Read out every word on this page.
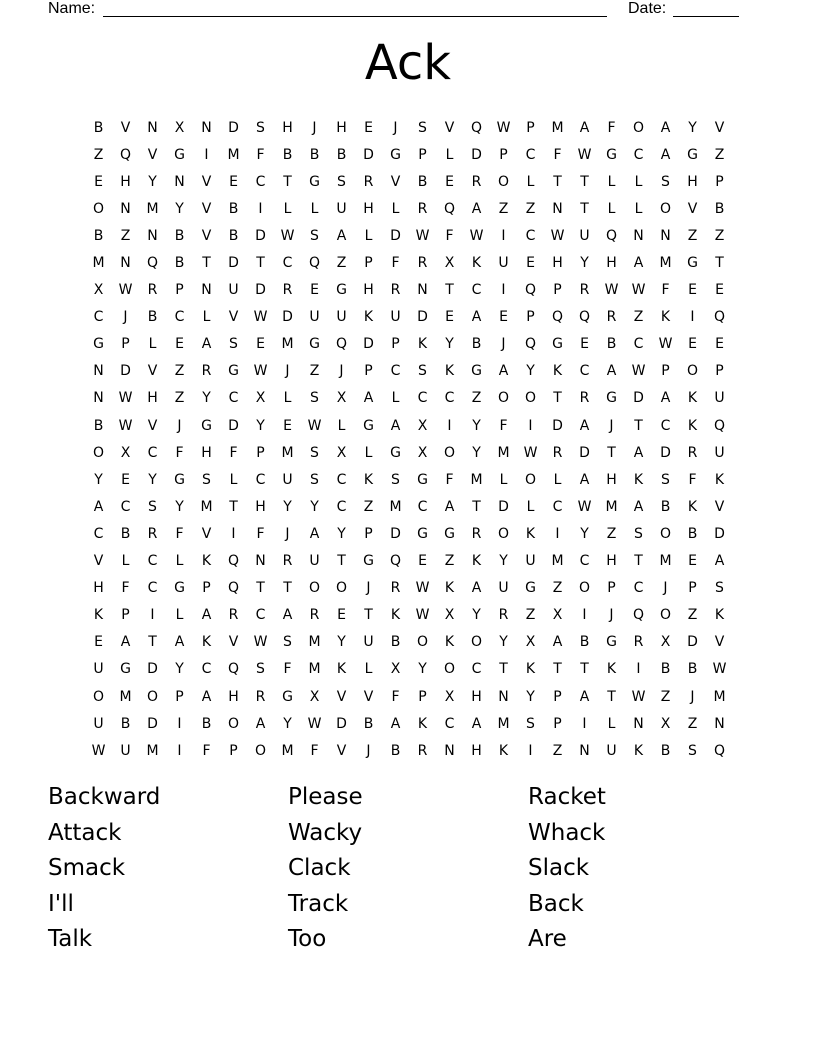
Name:	Date:
Ack
B	V	N	X	N	D	S	H	J	H	E	J	S	V	Q	W	P	M	A	F	O	A	Y	V
Z	Q	V	G	I	M	F	B	B	B	D	G	P	L	D	P	C	F	W	G	C	A	G	Z
E	H	Y	N	V	E	C	T	G	S	R	V	B	E	R	O	L	T	T	L	L	S	H	P
O	N	M	Y	V	B	I	L	L	U	H	L	R	Q	A	Z	Z	N	T	L	L	O	V	B
B	Z	N	B	V	B	D	W	S	A	L	D	W	F	W	I	C	W	U	Q	N	N	Z	Z
M	N	Q	B	T	D	T	C	Q	Z	P	F	R	X	K	U	E	H	Y	H	A	M	G	T
X	W	R	P	N	U	D	R	E	G	H	R	N	T	C	I	Q	P	R	W W	F	E	E
C	J	B	C	L	V	W	D	U	U	K	U	D	E	A	E	P	Q	Q	R	Z	K	I	Q
G	P	L	E	A	S	E	M	G	Q	D	P	K	Y	B	J	Q	G	E	B	C	W	E	E
N	D	V	Z	R	G	W	J	Z	J	P	C	S	K	G	A	Y	K	C	A	W	P	O	P
N	W	H	Z	Y	C	X	L	S	X	A	L	C	C	Z	O	O	T	R	G	D	A	K	U
B	W	V	J	G	D	Y	E	W	L	G	A	X	I	Y	F	I	D	A	J	T	C	K	Q
O	X	C	F	H	F	P	M	S	X	L	G	X	O	Y	M	W	R	D	T	A	D	R	U
Y	E	Y	G	S	L	C	U	S	C	K	S	G	F	M	L	O	L	A	H	K	S	F	K
A	C	S	Y	M	T	H	Y	Y	C	Z	M	C	A	T	D	L	C	W	M	A	B	K	V
C	B	R	F	V	I	F	J	A	Y	P	D	G	G	R	O	K	I	Y	Z	S	O	B	D
V	L	C	L	K	Q	N	R	U	T	G	Q	E	Z	K	Y	U	M	C	H	T	M	E	A
H	F	C	G	P	Q	T	T	O	O	J	R	W	K	A	U	G	Z	O	P	C	J	P	S
K	P	I	L	A	R	C	A	R	E	T	K	W	X	Y	R	Z	X	I	J	Q	O	Z	K
E	A	T	A	K	V	W	S	M	Y	U	B	O	K	O	Y	X	A	B	G	R	X	D	V
U	G	D	Y	C	Q	S	F	M	K	L	X	Y	O	C	T	K	T	T	K	I	B	B	W
O	M	O	P	A	H	R	G	X	V	V	F	P	X	H	N	Y	P	A	T	W	Z	J	M
U	B	D	I	B	O	A	Y	W	D	B	A	K	C	A	M	S	P	I	L	N	X	Z	N
W	U	M	I	F	P	O	M	F	V	J	B	R	N	H	K	I	Z	N	U	K	B	S	Q
Backward	Please	Racket
Attack	Wacky	Whack
Smack	Clack	Slack
I'll	Track	Back
Talk	Too	Are
